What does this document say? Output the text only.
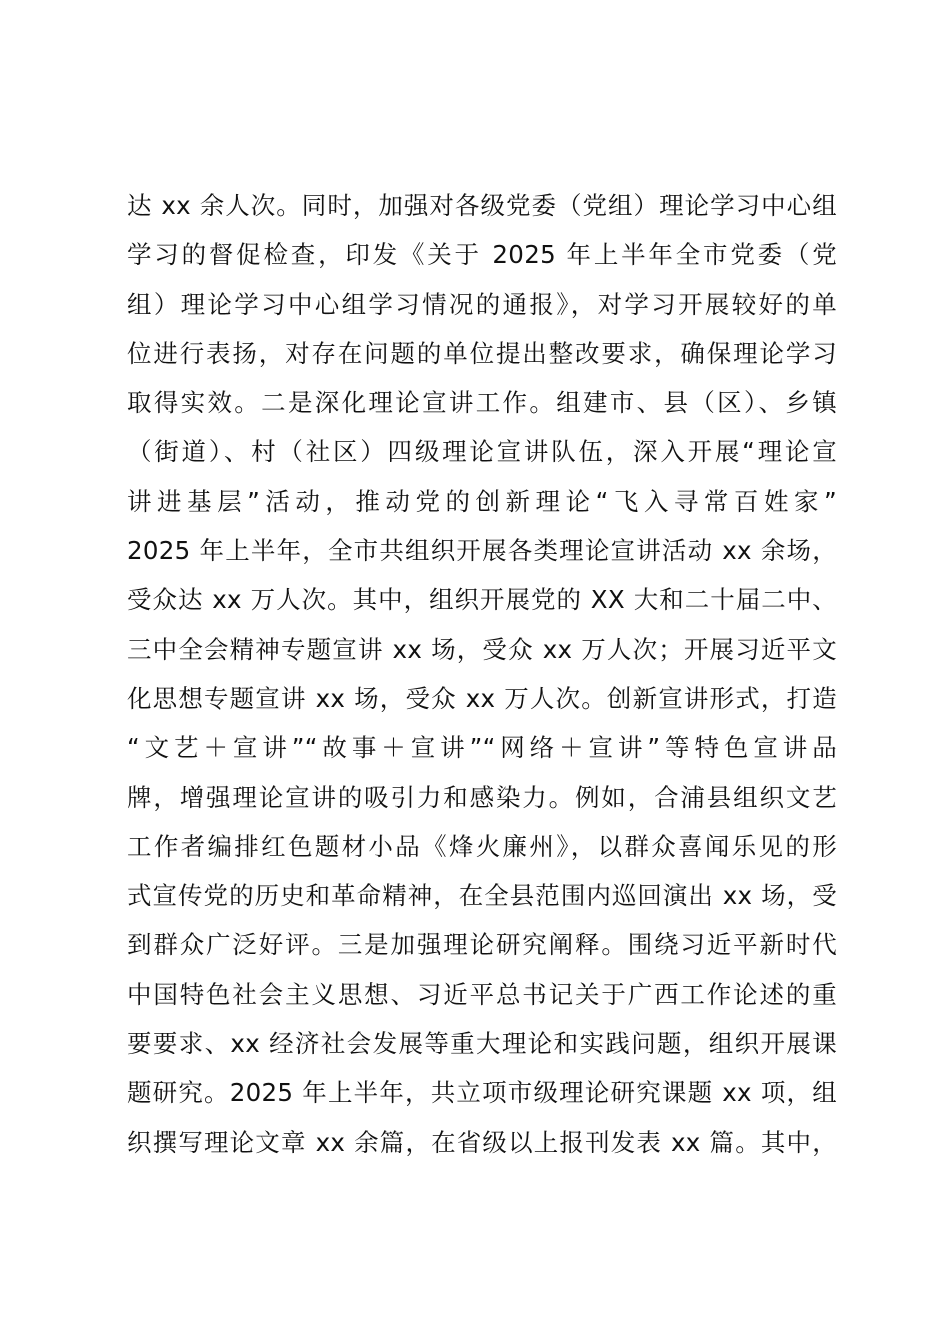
达 xx 余人次。同时，加强对各级党委（党组）理论学习中心组
学习的督促检查，印发《关于 2025 年上半年全市党委（党
组）理论学习中心组学习情况的通报》，对学习开展较好的单
位进行表扬，对存在问题的单位提出整改要求，确保理论学习
取得实效。二是深化理论宣讲工作。组建市、县（区）、乡镇
（街道）、村（社区）四级理论宣讲队伍，深入开展“理论宣
讲进基层”活动，推动党的创新理论“飞入寻常百姓家”
2025 年上半年，全市共组织开展各类理论宣讲活动 xx 余场，
受众达 xx 万人次。其中，组织开展党的 XX 大和二十届二中、
三中全会精神专题宣讲 xx 场，受众 xx 万人次；开展习近平文
化思想专题宣讲 xx 场，受众 xx 万人次。创新宣讲形式，打造
“文艺＋宣讲”“故事＋宣讲”“网络＋宣讲”等特色宣讲品
牌，增强理论宣讲的吸引力和感染力。例如，合浦县组织文艺
工作者编排红色题材小品《烽火廉州》，以群众喜闻乐见的形
式宣传党的历史和革命精神，在全县范围内巡回演出 xx 场，受
到群众广泛好评。三是加强理论研究阐释。围绕习近平新时代
中国特色社会主义思想、习近平总书记关于广西工作论述的重
要要求、xx 经济社会发展等重大理论和实践问题，组织开展课
题研究。2025 年上半年，共立项市级理论研究课题 xx 项，组
织撰写理论文章 xx 余篇，在省级以上报刊发表 xx 篇。其中，
